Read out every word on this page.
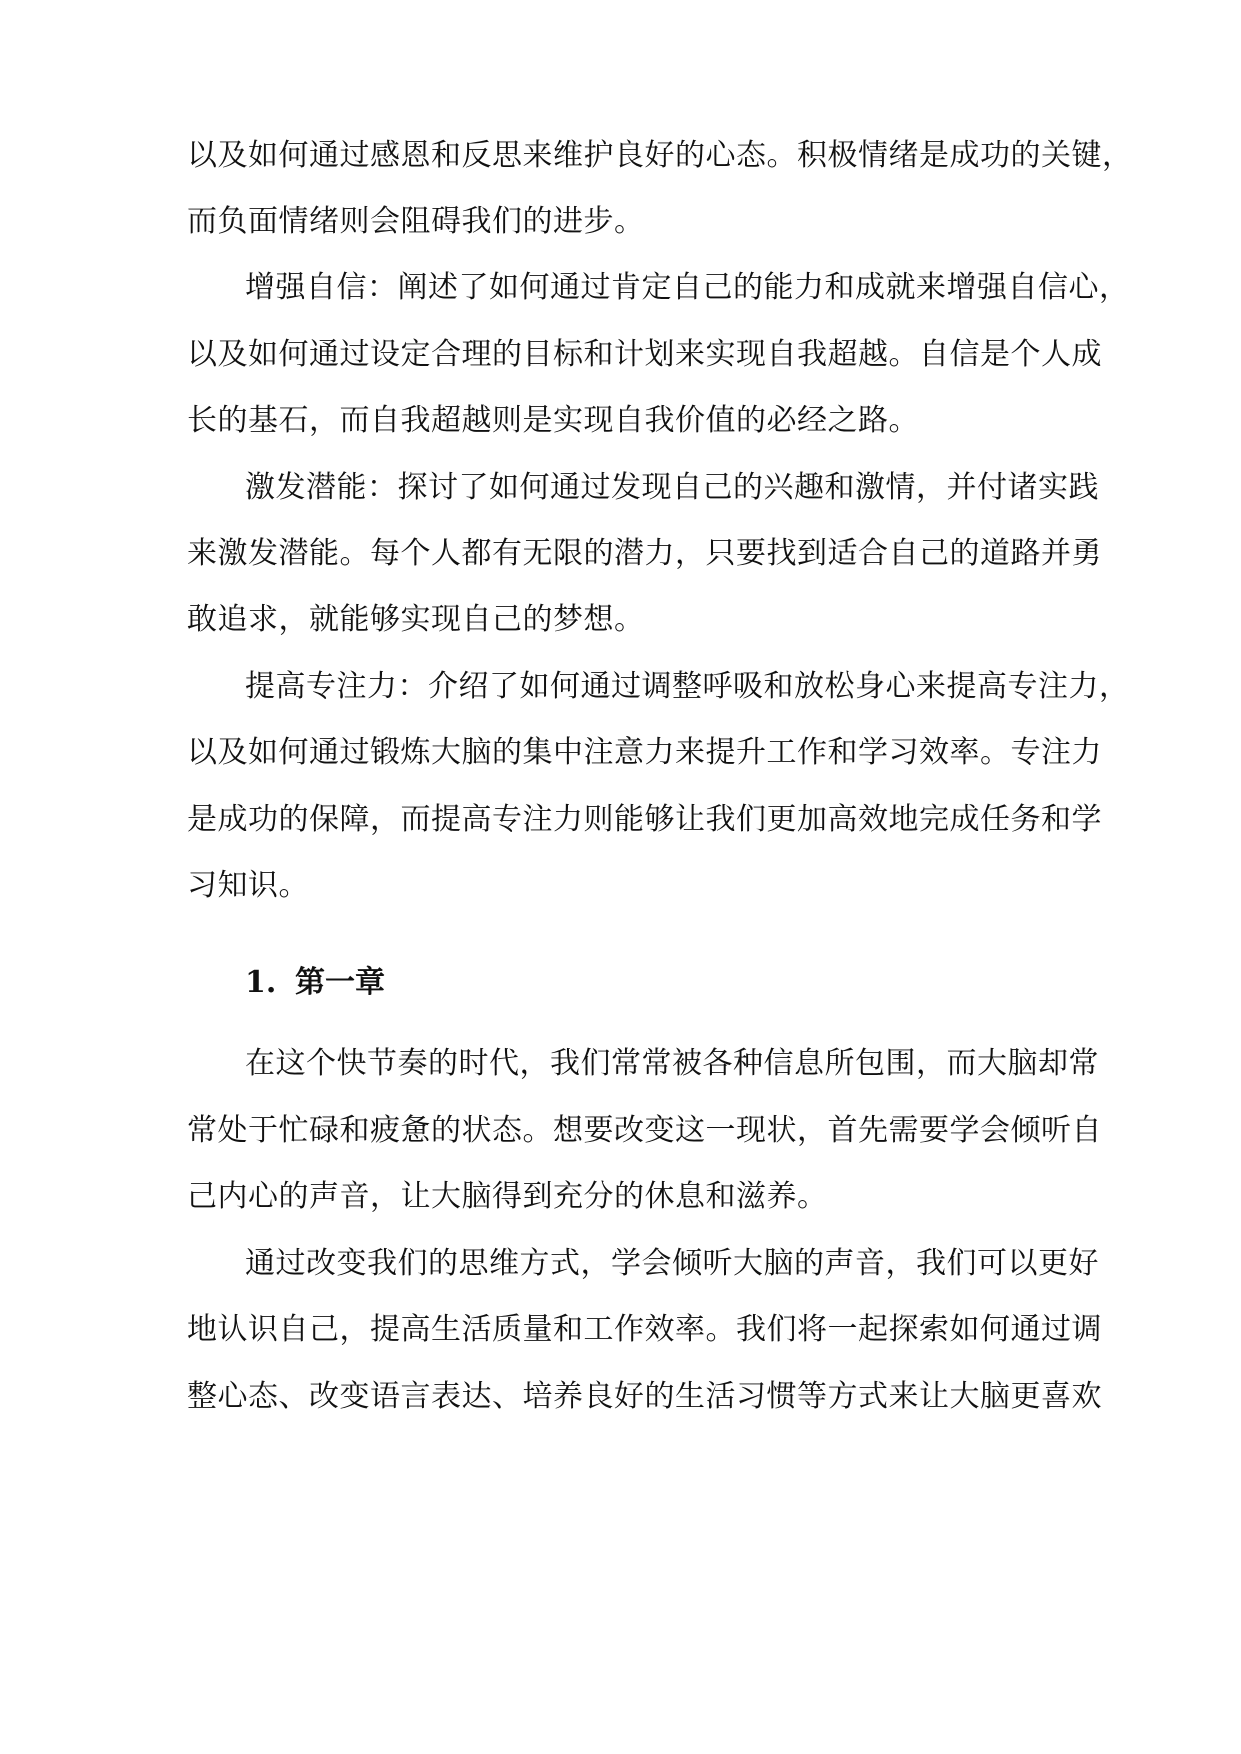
以及如何通过感恩和反思来维护良好的心态。积极情绪是成功的关键，
而负面情绪则会阻碍我们的进步。
增强自信：阐述了如何通过肯定自己的能力和成就来增强自信心，
以及如何通过设定合理的目标和计划来实现自我超越。自信是个人成
长的基石，而自我超越则是实现自我价值的必经之路。
激发潜能：探讨了如何通过发现自己的兴趣和激情，并付诸实践
来激发潜能。每个人都有无限的潜力，只要找到适合自己的道路并勇
敢追求，就能够实现自己的梦想。
提高专注力：介绍了如何通过调整呼吸和放松身心来提高专注力，
以及如何通过锻炼大脑的集中注意力来提升工作和学习效率。专注力
是成功的保障，而提高专注力则能够让我们更加高效地完成任务和学
习知识。
1. 第一章
在这个快节奏的时代，我们常常被各种信息所包围，而大脑却常
常处于忙碌和疲惫的状态。想要改变这一现状，首先需要学会倾听自
己内心的声音，让大脑得到充分的休息和滋养。
通过改变我们的思维方式，学会倾听大脑的声音，我们可以更好
地认识自己，提高生活质量和工作效率。我们将一起探索如何通过调
整心态、改变语言表达、培养良好的生活习惯等方式来让大脑更喜欢
